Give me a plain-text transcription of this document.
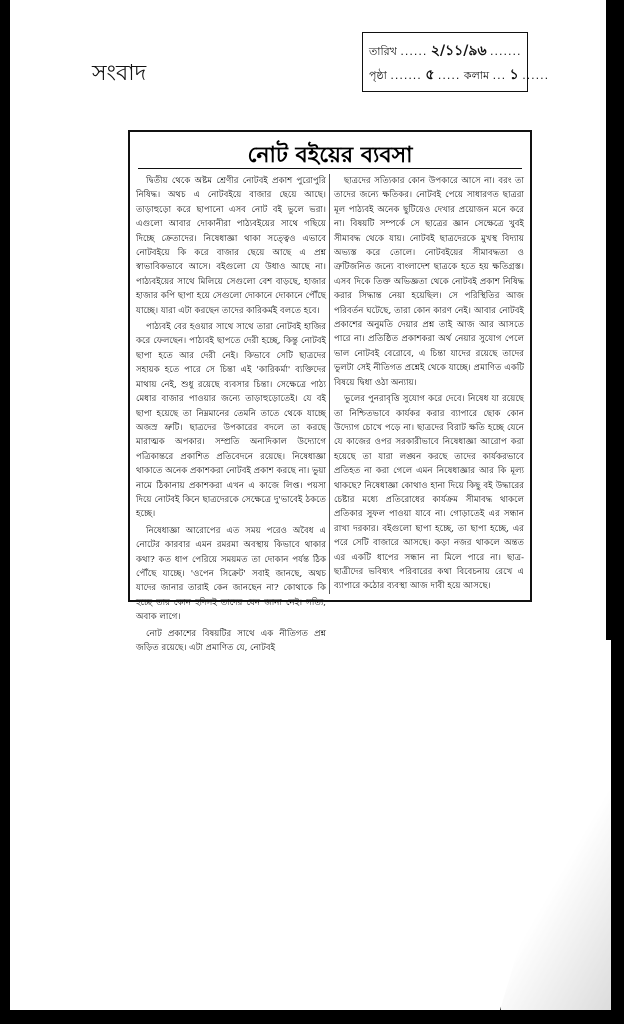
সংবাদ
তারিখ ...... ২/১১/৯৬ .......
পৃষ্ঠা ....... ৫ ..... কলাম ... ১ ......
নোট বইয়ের ব্যবসা

দ্বিতীয় থেকে অষ্টম শ্রেণীর নোটবই প্রকাশ পুরোপুরি নিষিদ্ধ। অথচ এ নোটবইয়ে বাজার ছেয়ে আছে। তাড়াহুড়ো করে ছাপানো এসব নোট বই ভুলে ভরা। এগুলো আবার দোকানীরা পাঠ্যবইয়ের সাথে গছিয়ে দিচ্ছে ক্রেতাদের। নিষেধাজ্ঞা থাকা সত্ত্বেও এভাবে নোটবইয়ে কি করে বাজার ছেয়ে আছে এ প্রশ্ন স্বাভাবিকভাবে আসে। বইগুলো যে উধাও আছে না। পাঠ্যবইয়ের সাথে মিলিয়ে সেগুলো বেশ বাড়ছে, হাজার হাজার কপি ছাপা হয়ে সেগুলো দোকানে দোকানে পৌঁছে যাচ্ছে। যারা এটা করছেন তাদের কারিকর্মই বলতে হবে।

পাঠ্যবই বের হওয়ার সাথে সাথে তারা নোটবই হাজির করে ফেলছেন। পাঠ্যবই ছাপতে দেরী হচ্ছে, কিন্তু নোটবই ছাপা হতে আর দেরী নেই। কিভাবে সেটি ছাত্রদের সহায়ক হতে পারে সে চিন্তা এই 'কারিকর্মা' ব্যক্তিদের মাথায় নেই, শুধু রয়েছে ব্যবসার চিন্তা। সেক্ষেত্রে পাঠ্য মেধার বাজার পাওয়ার জন্যে তাড়াহুড়োতেই। যে বই ছাপা হয়েছে তা নিম্নমানের তেমনি তাতে থেকে যাচ্ছে অজস্র ভ্রুটি। ছাত্রদের উপকারের বদলে তা করছে মারাত্মক অপকার। সম্প্রতি অনাদিকাল উদ্যোগে পত্রিকান্তরে প্রকাশিত প্রতিবেদনে রয়েছে। নিষেধাজ্ঞা থাকাতে অনেক প্রকাশকরা নোটবই প্রকাশ করছে না। ভুয়া নামে ঠিকানায় প্রকাশকরা এখন এ কাজে লিপ্ত। পয়সা দিয়ে নোটবই কিনে ছাত্রদেরকে সেক্ষেত্রে দু'ভাবেই ঠকতে হচ্ছে।

নিষেধাজ্ঞা আরোপের এত সময় পরেও অবৈধ এ নোটের কারবার এমন রমরমা অবস্থায় কিভাবে থাকার কথা? কত ধাপ পেরিয়ে সময়মত তা দোকান পর্যন্ত ঠিক পৌঁছে যাচ্ছে। 'ওপেন সিক্রেট' সবাই জানছে, অথচ যাদের জানার তারাই কেন জানছেন না? কোথাকে কি হচ্ছে তার কোন হদিসই তাদের যেন জানা নেই। সত্যি, অবাক লাগে।

নোট প্রকাশের বিষয়টির সাথে এক নীতিগত প্রশ্ন জড়িত রয়েছে। এটা প্রমাণিত যে, নোটবই

ছাত্রদের সত্যিকার কোন উপকারে আসে না। বরং তা তাদের জন্যে ক্ষতিকর। নোটবই পেয়ে সাধারণত ছাত্ররা মূল পাঠ্যবই অনেক ছুটিয়েও দেখার প্রয়োজন মনে করে না। বিষয়টি সম্পর্কে সে ছাত্রের জ্ঞান সেক্ষেত্রে খুবই সীমাবদ্ধ থেকে যায়। নোটবই ছাত্রদেরকে মুখস্থ বিদ্যায় অভ্যস্ত করে তোলে। নোটবইয়ের সীমাবদ্ধতা ও ত্রুটিজনিত জন্যে বাংলাদেশ ছাত্রকে হতে হয় ক্ষতিগ্রস্ত। এসব দিকে তিক্ত অভিজ্ঞতা থেকে নোটবই প্রকাশ নিষিদ্ধ করার সিদ্ধান্ত নেয়া হয়েছিল। সে পরিস্থিতির আজ পরিবর্তন ঘটেছে, তারা কোন কারণ নেই। আবার নোটবই প্রকাশের অনুমতি দেয়ার প্রশ্ন তাই আজ আর আসতে পারে না। প্রতিষ্ঠিত প্রকাশকরা অর্থ নেয়ার সুযোগ পেলে ভাল নোটবই বেরোবে, এ চিন্তা যাদের রয়েছে তাদের ভুলটা সেই নীতিগত প্রশ্নেই থেকে যাচ্ছে। প্রমাণিত একটি বিষয়ে দ্বিধা ওঠা অন্যায়।

ভুলের পুনরাবৃত্তি সুযোগ করে দেবে। নিষেধ যা রয়েছে তা নিশ্চিতভাবে কার্যকর করার ব্যাপারে ছোক কোন উদ্যোগ চোখে পড়ে না। ছাত্রদের বিরাট ক্ষতি হচ্ছে যেনে যে কাজের ওপর সরকারীভাবে নিষেধাজ্ঞা আরোপ করা হয়েছে তা যারা লঙ্ঘন করছে তাদের কার্যকরভাবে প্রতিহত না করা গেলে এমন নিষেধাজ্ঞার আর কি মূল্য থাকছে? নিষেধাজ্ঞা কোথাও হানা দিয়ে কিছু বই উদ্ধারের চেষ্টার মধ্যে প্রতিরোধের কার্যক্রম সীমাবদ্ধ থাকলে প্রতিকার সুফল পাওয়া যাবে না। গোড়াতেই এর সন্ধান রাখা দরকার। বইগুলো ছাপা হচ্ছে, তা ছাপা হচ্ছে, এর পরে সেটি বাজারে আসছে। কড়া নজর থাকলে অন্তত এর একটি ধাপের সন্ধান না মিলে পারে না। ছাত্র-ছাত্রীদের ভবিষ্যৎ পরিবারের কথা বিবেচনায় রেখে এ ব্যাপারে কঠোর ব্যবস্থা আজ দাবী হয়ে আসছে।
